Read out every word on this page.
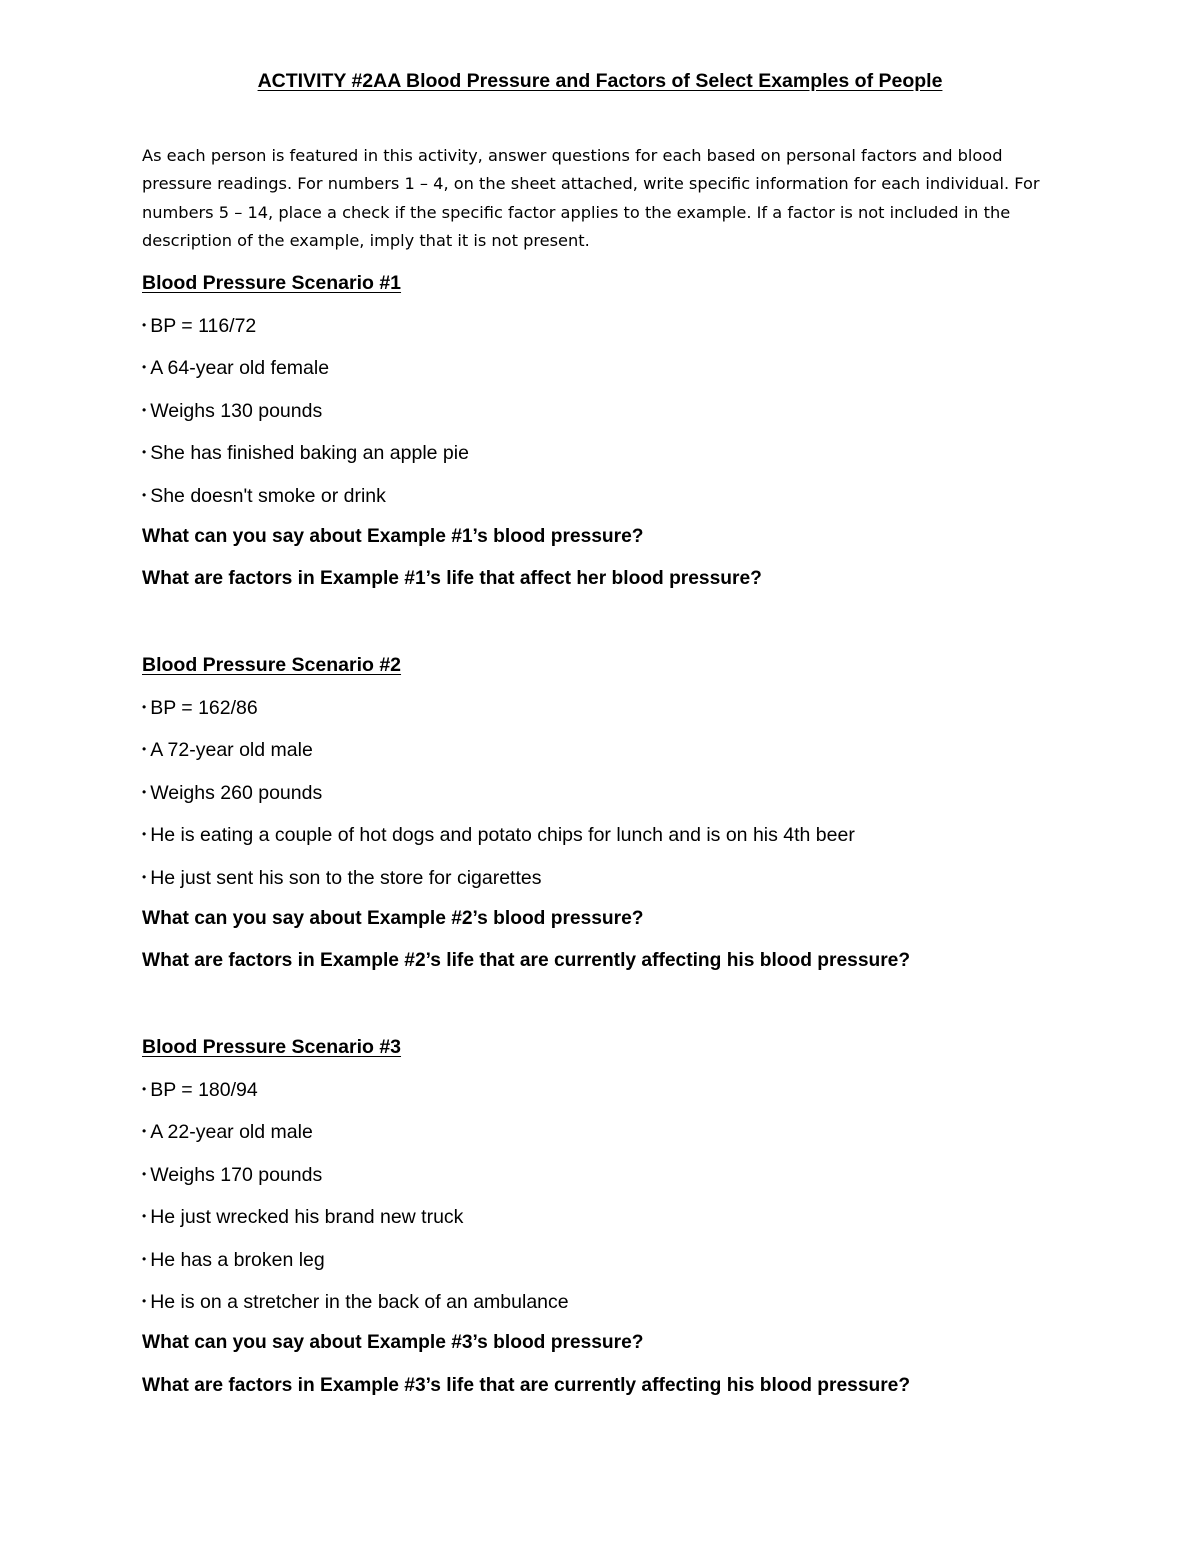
ACTIVITY #2AA Blood Pressure and Factors of Select Examples of People

As each person is featured in this activity, answer questions for each based on personal factors and blood pressure readings. For numbers 1 – 4, on the sheet attached, write specific information for each individual. For numbers 5 – 14, place a check if the specific factor applies to the example. If a factor is not included in the description of the example, imply that it is not present.

Blood Pressure Scenario #1
• BP = 116/72
• A 64-year old female
• Weighs 130 pounds
• She has finished baking an apple pie
• She doesn't smoke or drink

What can you say about Example #1’s blood pressure?

What are factors in Example #1’s life that affect her blood pressure?

Blood Pressure Scenario #2
• BP = 162/86
• A 72-year old male
• Weighs 260 pounds
• He is eating a couple of hot dogs and potato chips for lunch and is on his 4th beer
• He just sent his son to the store for cigarettes

What can you say about Example #2’s blood pressure?

What are factors in Example #2’s life that are currently affecting his blood pressure?

Blood Pressure Scenario #3
• BP = 180/94
• A 22-year old male
• Weighs 170 pounds
• He just wrecked his brand new truck
• He has a broken leg
• He is on a stretcher in the back of an ambulance

What can you say about Example #3’s blood pressure?

What are factors in Example #3’s life that are currently affecting his blood pressure?
